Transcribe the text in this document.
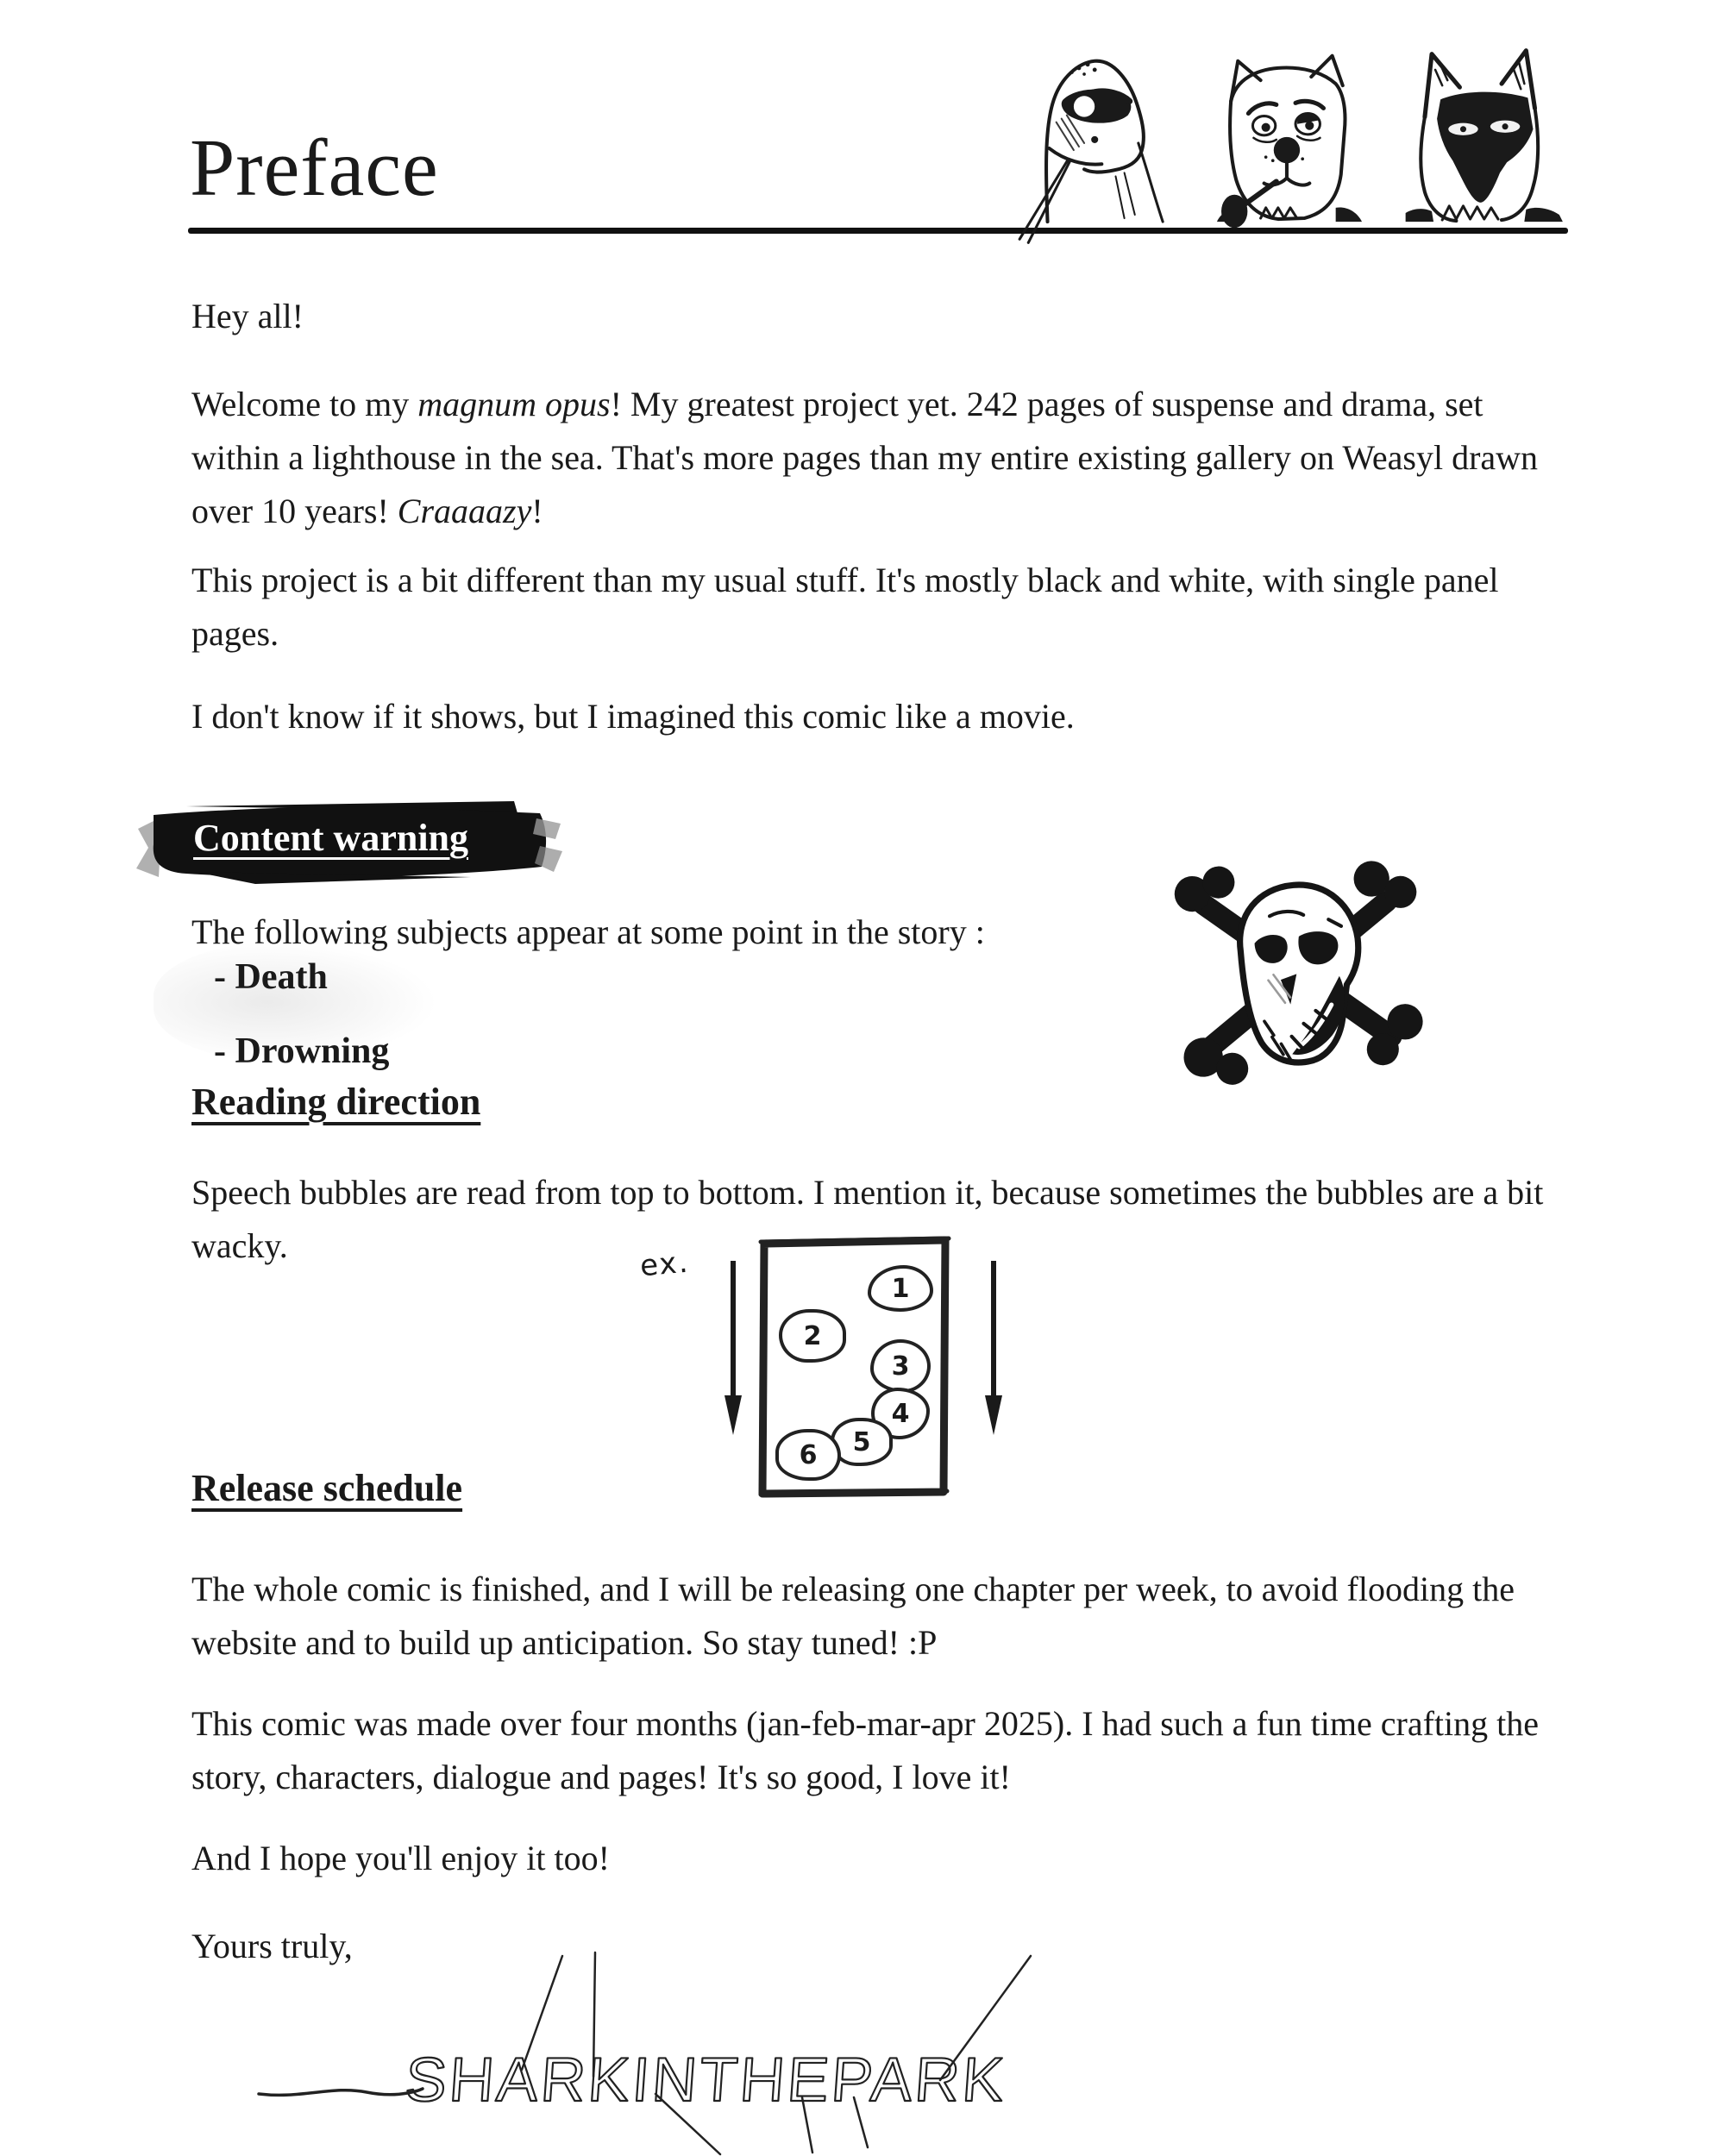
Preface
Hey all!

Welcome to my magnum opus! My greatest project yet. 242 pages of suspense and drama, set within a lighthouse in the sea. That's more pages than my entire existing gallery on Weasyl drawn over 10 years! Craaaazy!

This project is a bit different than my usual stuff. It's mostly black and white, with single panel pages.

I don't know if it shows, but I imagined this comic like a movie.

Content warning
The following subjects appear at some point in the story :
- Death
- Drowning
Reading direction

Speech bubbles are read from top to bottom. I mention it, because sometimes the bubbles are a bit wacky.	ex.
1
2
3
4
5
6
Release schedule

The whole comic is finished, and I will be releasing one chapter per week, to avoid flooding the website and to build up anticipation. So stay tuned! :P

This comic was made over four months (jan-feb-mar-apr 2025). I had such a fun time crafting the story, characters, dialogue and pages! It's so good, I love it!

And I hope you'll enjoy it too!

Yours truly,
SHARKINTHEPARK
